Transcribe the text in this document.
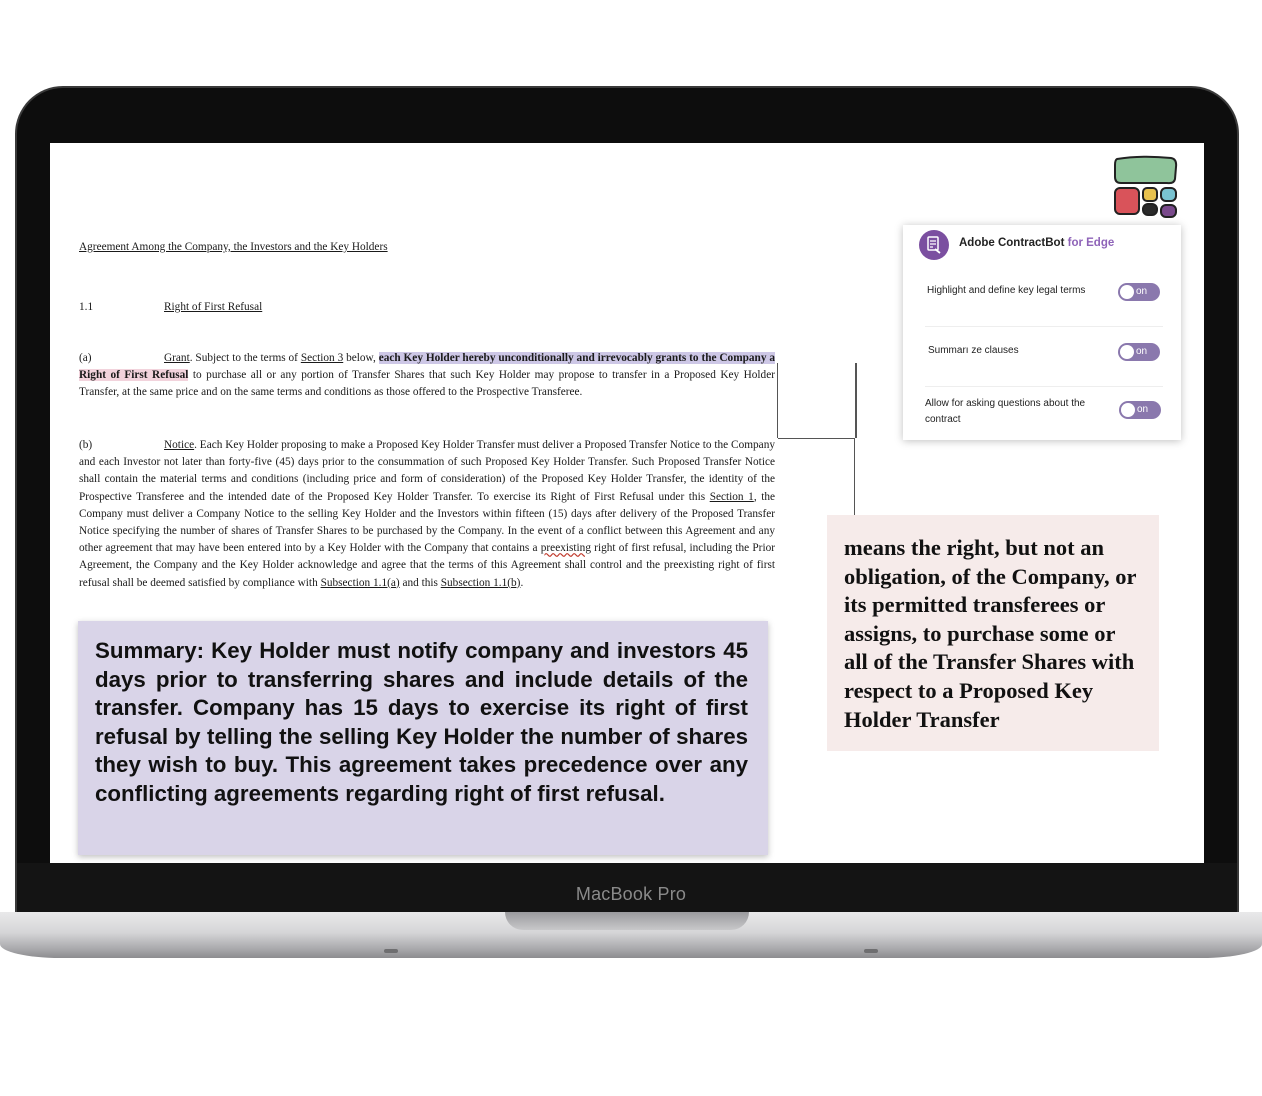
Agreement Among the Company, the Investors and the Key Holders
1.1	Right of First Refusal
(a)	Grant. Subject to the terms of Section 3 below, each Key Holder hereby unconditionally and irrevocably grants to the Company a Right of First Refusal to purchase all or any portion of Transfer Shares that such Key Holder may propose to transfer in a Proposed Key Holder Transfer, at the same price and on the same terms and conditions as those offered to the Prospective Transferee.
(b)	Notice. Each Key Holder proposing to make a Proposed Key Holder Transfer must deliver a Proposed Transfer Notice to the Company and each Investor not later than forty-five (45) days prior to the consummation of such Proposed Key Holder Transfer. Such Proposed Transfer Notice shall contain the material terms and conditions (including price and form of consideration) of the Proposed Key Holder Transfer, the identity of the Prospective Transferee and the intended date of the Proposed Key Holder Transfer. To exercise its Right of First Refusal under this Section 1, the Company must deliver a Company Notice to the selling Key Holder and the Investors within fifteen (15) days after delivery of the Proposed Transfer Notice specifying the number of shares of Transfer Shares to be purchased by the Company. In the event of a conflict between this Agreement and any other agreement that may have been entered into by a Key Holder with the Company that contains a preexisting right of first refusal, including the Prior Agreement, the Company and the Key Holder acknowledge and agree that the terms of this Agreement shall control and the preexisting right of first refusal shall be deemed satisfied by compliance with Subsection 1.1(a) and this Subsection 1.1(b).
Summary: Key Holder must notify company and investors 45 days prior to transferring shares and include details of the transfer. Company has 15 days to exercise its right of first refusal by telling the selling Key Holder the number of shares they wish to buy. This agreement takes precedence over any conflicting agreements regarding right of first refusal.
means the right, but not an obligation, of the Company, or its permitted transferees or assigns, to purchase some or all of the Transfer Shares with respect to a Proposed Key Holder Transfer
Adobe ContractBot for Edge
Highlight and define key legal terms	on
Summarı ze clauses	on
Allow for asking questions about the contract
on
MacBook Pro
